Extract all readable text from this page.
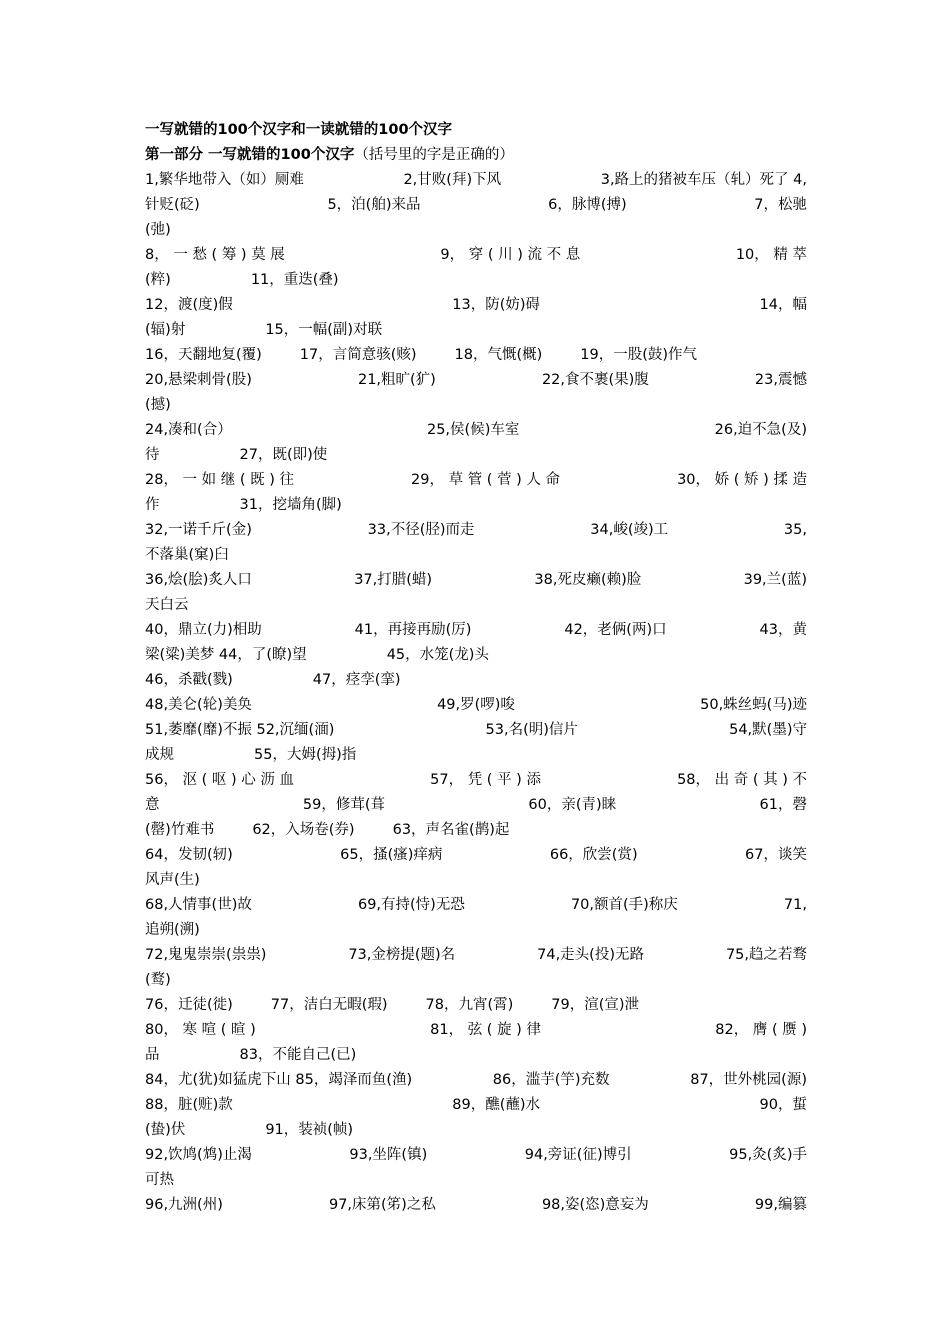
一写就错的100个汉字和一读就错的100个汉字
第一部分 一写就错的100个汉字（括号里的字是正确的）
1,繁华地带入（如）厕难	2,甘败(拜)下风	3,路上的猪被车压（轧）死了 4,
针贬(砭)	5，泊(舶)来品	6，脉博(搏)	7，松驰
(弛)
8， 一 愁 ( 筹 ) 莫 展	9， 穿 ( 川 ) 流 不 息	10， 精 萃
(粹)	11，重迭(叠)
12，渡(度)假	13，防(妨)碍	14，幅
(辐)射	15，一幅(副)对联
16，天翻地复(覆)	17，言简意骇(赅)	18，气慨(概)	19，一股(鼓)作气
20,悬梁刺骨(股)	21,粗旷(犷)	22,食不裹(果)腹	23,震憾
(撼)
24,凑和(合）	25,侯(候)车室	26,迫不急(及)
待	27，既(即)使
28， 一 如 继 ( 既 ) 往	29， 草 管 ( 菅 ) 人 命	30， 娇 ( 矫 ) 揉 造
作	31，挖墙角(脚)
32,一诺千斤(金)	33,不径(胫)而走	34,峻(竣)工	35,
不落巢(窠)臼
36,烩(脍)炙人口	37,打腊(蜡)	38,死皮癞(赖)脸	39,兰(蓝)
天白云
40，鼎立(力)相助	41，再接再励(厉)	42，老俩(两)口	43，黄
梁(粱)美梦 44，了(瞭)望	45，水笼(龙)头
46，杀戳(戮)	47，痉孪(挛)
48,美仑(轮)美奂	49,罗(啰)唆	50,蛛丝蚂(马)迹
51,萎靡(靡)不振 52,沉缅(湎)	53,名(明)信片	54,默(墨)守
成规	55，大姆(拇)指
56， 沤 ( 呕 ) 心 沥 血	57， 凭 ( 平 ) 添	58， 出 奇 ( 其 ) 不
意	59，修茸(葺	60，亲(青)睐	61，磬
(罄)竹难书	62，入场卷(券)	63，声名雀(鹊)起
64，发韧(轫)	65，搔(瘙)痒病	66，欣尝(赏)	67，谈笑
风声(生)
68,人情事(世)故	69,有持(恃)无恐	70,额首(手)称庆	71,
追朔(溯)
72,鬼鬼崇崇(祟祟)	73,金榜提(题)名	74,走头(投)无路	75,趋之若骛
(鹜)
76，迁徒(徙)	77，洁白无暇(瑕)	78，九宵(霄)	79，渲(宣)泄
80， 寒 喧 ( 暄 )	81， 弦 ( 旋 ) 律	82， 膺 ( 赝 )
品	83，不能自己(已)
84，尤(犹)如猛虎下山 85，竭泽而鱼(渔)	86，滥芋(竽)充数	87，世外桃园(源)
88，脏(赃)款	89，醮(蘸)水	90，蜇
(蛰)伏	91，装祯(帧)
92,饮鸠(鸩)止渴	93,坐阵(镇)	94,旁证(征)博引	95,灸(炙)手
可热
96,九洲(州)	97,床第(笫)之私	98,姿(恣)意妄为	99,编篡
